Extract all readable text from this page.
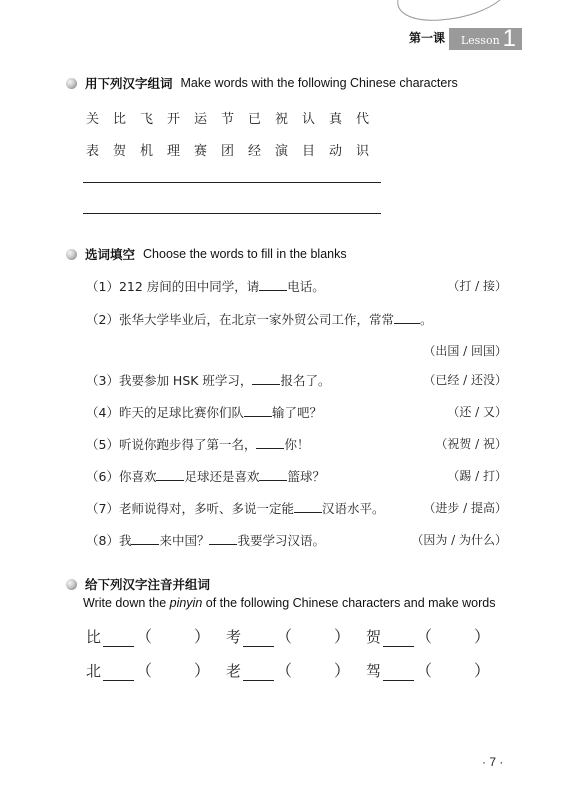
第一课 Lesson 1
用下列汉字组词 Make words with the following Chinese characters
关 比 飞 开 运 节 已 祝 认 真 代
表 贺 机 理 赛 团 经 演 目 动 识
选词填空 Choose the words to fill in the blanks
（1）212 房间的田中同学，请 电话。	（打 / 接）
（2）张华大学毕业后，在北京一家外贸公司工作，常常 。
（出国 / 回国）
（3）我要参加 HSK 班学习， 报名了。	（已经 / 还没）
（4）昨天的足球比赛你们队 输了吧？	（还 / 又）
（5）听说你跑步得了第一名， 你！	（祝贺 / 祝）
（6）你喜欢 足球还是喜欢 篮球？	（踢 / 打）
（7）老师说得对，多听、多说一定能 汉语水平。	（进步 / 提高）
（8）我 来中国？ 我要学习汉语。	（因为 / 为什么）
给下列汉字注音并组词
Write down the pinyin of the following Chinese characters and make words
比 （	） 考 （	） 贺 （	）
北 （	） 老 （	） 驾 （	）
· 7 ·
